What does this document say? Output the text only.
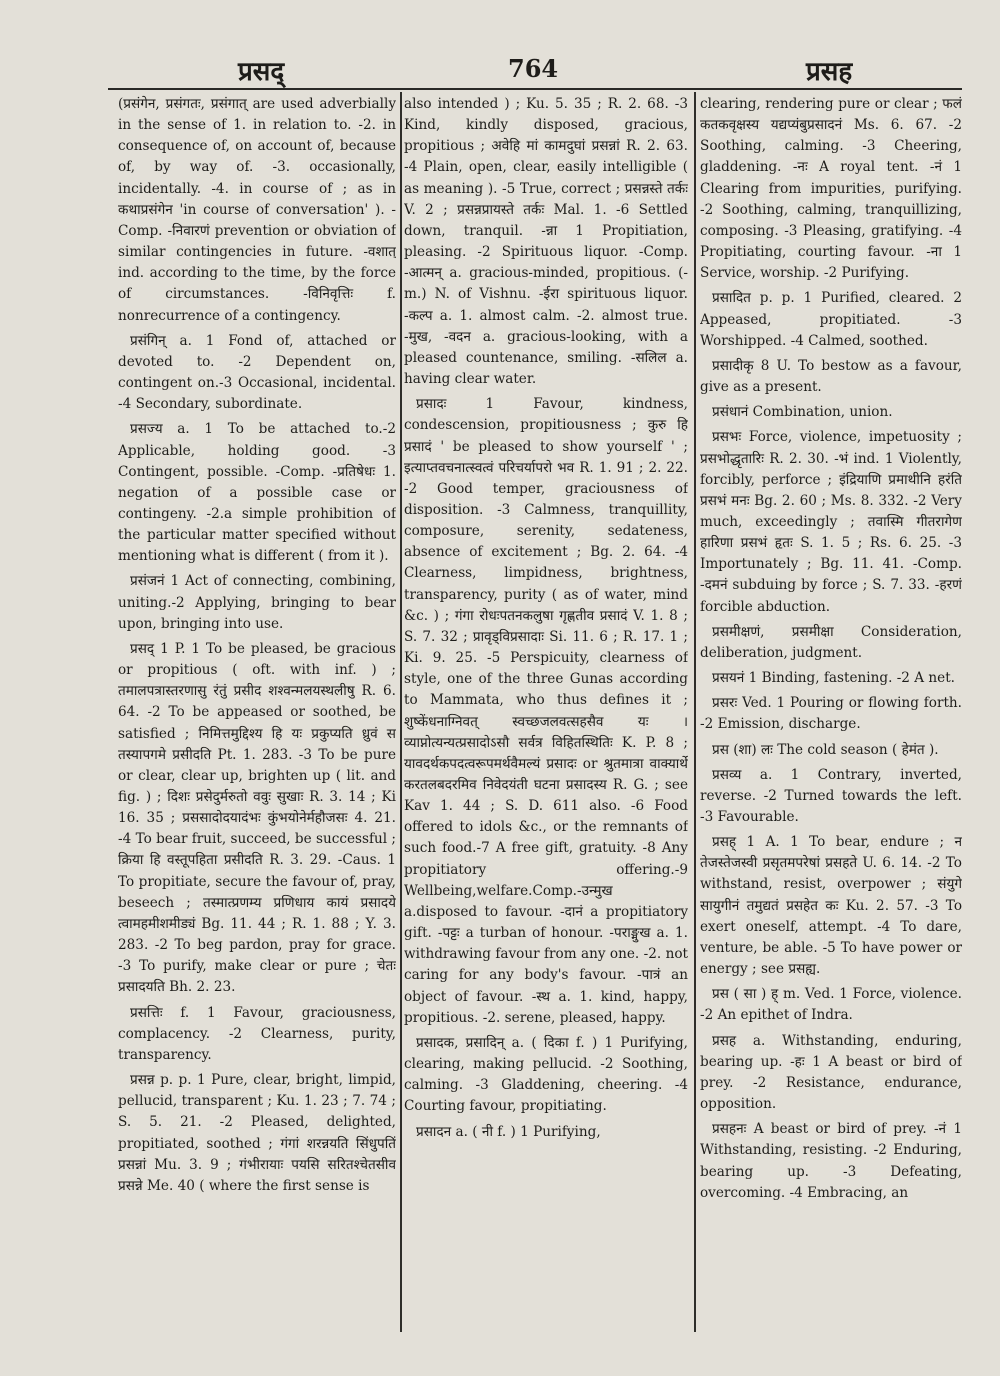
प्रसद्	764	प्रसह

(प्रसंगेन, प्रसंगतः, प्रसंगात् are used adverbially in the sense of 1. in relation to. -2. in consequence of, on account of, because of, by way of. -3. occasionally, incidentally. -4. in course of ; as in कथाप्रसंगेन 'in course of conversation' ). -Comp. -निवारणं prevention or obviation of similar contingencies in future. -वशात् ind. according to the time, by the force of circumstances. -विनिवृत्तिः f. nonrecurrence of a contingency.

प्रसंगिन् a. 1 Fond of, attached or devoted to. -2 Dependent on, contingent on.-3 Occasional, incidental. -4 Secondary, subordinate.

प्रसज्य a. 1 To be attached to.-2 Applicable, holding good. -3 Contingent, possible. -Comp. -प्रतिषेधः 1. negation of a possible case or contingeny. -2.a simple prohibition of the particular matter specified without mentioning what is different ( from it ).

प्रसंजनं 1 Act of connecting, combining, uniting.-2 Applying, bringing to bear upon, bringing into use.

प्रसद् 1 P. 1 To be pleased, be gracious or propitious ( oft. with inf. ) ; तमालपत्रास्तरणासु रंतुं प्रसीद शश्वन्मलयस्थलीषु R. 6. 64. -2 To be appeased or soothed, be satisfied ; निमित्तमुद्दिश्य हि यः प्रकुप्यति ध्रुवं स तस्यापगमे प्रसीदति Pt. 1. 283. -3 To be pure or clear, clear up, brighten up ( lit. and fig. ) ; दिशः प्रसेदुर्मरुतो ववुः सुखाः R. 3. 14 ; Ki 16. 35 ; प्रससादोदयादंभः कुंभयोनेर्महौजसः 4. 21. -4 To bear fruit, succeed, be successful ; क्रिया हि वस्तूपहिता प्रसीदति R. 3. 29. -Caus. 1 To propitiate, secure the favour of, pray, beseech ; तस्मात्प्रणम्य प्रणिधाय कायं प्रसादये त्वामहमीशमीड्यं Bg. 11. 44 ; R. 1. 88 ; Y. 3. 283. -2 To beg pardon, pray for grace. -3 To purify, make clear or pure ; चेतः प्रसादयति Bh. 2. 23.

प्रसत्तिः f. 1 Favour, graciousness, complacency. -2 Clearness, purity, transparency.

प्रसन्न p. p. 1 Pure, clear, bright, limpid, pellucid, transparent ; Ku. 1. 23 ; 7. 74 ; S. 5. 21. -2 Pleased, delighted, propitiated, soothed ; गंगां शरन्नयति सिंधुपतिं प्रसन्नां Mu. 3. 9 ; गंभीरायाः पयसि सरितश्चेतसीव प्रसन्ने Me. 40 ( where the first sense is

also intended ) ; Ku. 5. 35 ; R. 2. 68. -3 Kind, kindly disposed, gracious, propitious ; अवेहि मां कामदुघां प्रसन्नां R. 2. 63. -4 Plain, open, clear, easily intelligible ( as meaning ). -5 True, correct ; प्रसन्नस्ते तर्कः V. 2 ; प्रसन्नप्रायस्ते तर्कः Mal. 1. -6 Settled down, tranquil. -न्ना 1 Propitiation, pleasing. -2 Spirituous liquor. -Comp. -आत्मन् a. gracious-minded, propitious. (-m.) N. of Vishnu. -ईरा spirituous liquor. -कल्प a. 1. almost calm. -2. almost true. -मुख, -वदन a. gracious-looking, with a pleased countenance, smiling. -सलिल a. having clear water.

प्रसादः 1 Favour, kindness, condescension, propitiousness ; कुरु हि प्रसादं ' be pleased to show yourself ' ; इत्याप्तवचनात्स्वत्वं परिचर्यापरो भव R. 1. 91 ; 2. 22. -2 Good temper, graciousness of disposition. -3 Calmness, tranquillity, composure, serenity, sedateness, absence of excitement ; Bg. 2. 64. -4 Clearness, limpidness, brightness, transparency, purity ( as of water, mind &c. ) ; गंगा रोधःपतनकलुषा गृह्णतीव प्रसादं V. 1. 8 ; S. 7. 32 ; प्रावृड्विप्रसादाः Si. 11. 6 ; R. 17. 1 ; Ki. 9. 25. -5 Perspicuity, clearness of style, one of the three Gunas according to Mammata, who thus defines it ; शुष्केंधनाग्निवत् स्वच्छजलवत्सहसैव यः । व्याप्नोत्यन्यत्प्रसादोऽसौ सर्वत्र विहितस्थितिः K. P. 8 ; यावदर्थकपदत्वरूपमर्थवैमल्यं प्रसादः or श्रुतमात्रा वाक्यार्थे करतलबदरमिव निवेदयंती घटना प्रसादस्य R. G. ; see Kav 1. 44 ; S. D. 611 also. -6 Food offered to idols &c., or the remnants of such food.-7 A free gift, gratuity. -8 Any propitiatory offering.-9 Wellbeing,welfare.Comp.-उन्मुख a.disposed to favour. -दानं a propitiatory gift. -पट्टः a turban of honour. -पराङ्मुख a. 1. withdrawing favour from any one. -2. not caring for any body's favour. -पात्रं an object of favour. -स्थ a. 1. kind, happy, propitious. -2. serene, pleased, happy.

प्रसादक, प्रसादिन् a. ( दिका f. ) 1 Purifying, clearing, making pellucid. -2 Soothing, calming. -3 Gladdening, cheering. -4 Courting favour, propitiating.

प्रसादन a. ( नी f. ) 1 Purifying,

clearing, rendering pure or clear ; फलं कतकवृक्षस्य यद्यप्यंबुप्रसादनं Ms. 6. 67. -2 Soothing, calming. -3 Cheering, gladdening. -नः A royal tent. -नं 1 Clearing from impurities, purifying. -2 Soothing, calming, tranquillizing, composing. -3 Pleasing, gratifying. -4 Propitiating, courting favour. -ना 1 Service, worship. -2 Purifying.

प्रसादित p. p. 1 Purified, cleared. 2 Appeased, propitiated. -3 Worshipped. -4 Calmed, soothed.

प्रसादीकृ 8 U. To bestow as a favour, give as a present.

प्रसंधानं Combination, union.

प्रसभः Force, violence, impetuosity ; प्रसभोद्धृतारिः R. 2. 30. -भं ind. 1 Violently, forcibly, perforce ; इंद्रियाणि प्रमाथीनि हरंति प्रसभं मनः Bg. 2. 60 ; Ms. 8. 332. -2 Very much, exceedingly ; तवास्मि गीतरागेण हारिणा प्रसभं हृतः S. 1. 5 ; Rs. 6. 25. -3 Importunately ; Bg. 11. 41. -Comp. -दमनं subduing by force ; S. 7. 33. -हरणं forcible abduction.

प्रसमीक्षणं, प्रसमीक्षा Consideration, deliberation, judgment.

प्रसयनं 1 Binding, fastening. -2 A net.

प्रसरः Ved. 1 Pouring or flowing forth. -2 Emission, discharge.

प्रस (शा) लः The cold season ( हेमंत ).

प्रसव्य a. 1 Contrary, inverted, reverse. -2 Turned towards the left. -3 Favourable.

प्रसह् 1 A. 1 To bear, endure ; न तेजस्तेजस्वी प्रसृतमपरेषां प्रसहते U. 6. 14. -2 To withstand, resist, overpower ; संयुगे सायुगीनं तमुद्यतं प्रसहेत कः Ku. 2. 57. -3 To exert oneself, attempt. -4 To dare, venture, be able. -5 To have power or energy ; see प्रसह्य.

प्रस ( सा ) ह् m. Ved. 1 Force, violence. -2 An epithet of Indra.

प्रसह a. Withstanding, enduring, bearing up. -हः 1 A beast or bird of prey. -2 Resistance, endurance, opposition.

प्रसहनः A beast or bird of prey. -नं 1 Withstanding, resisting. -2 Enduring, bearing up. -3 Defeating, overcoming. -4 Embracing, an
